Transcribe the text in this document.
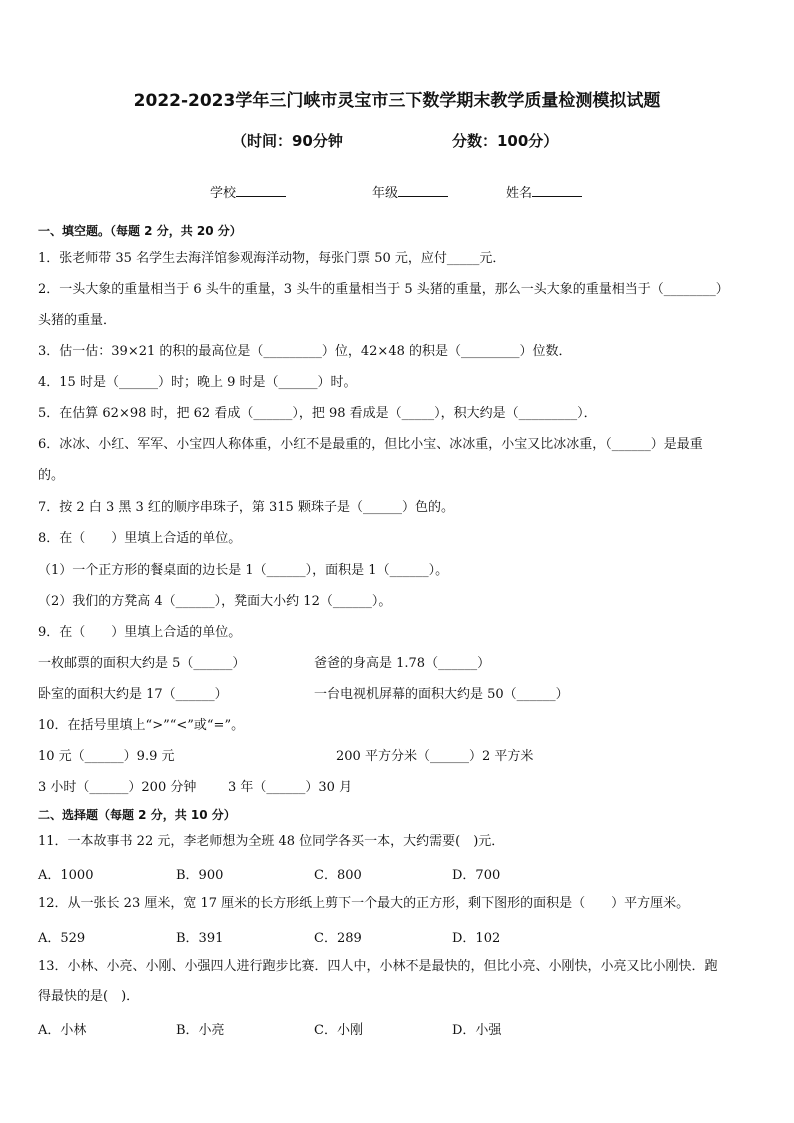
2022-2023学年三门峡市灵宝市三下数学期末教学质量检测模拟试题
（时间：90分钟	分数：100分）
学校	年级	姓名
一、填空题。（每题 2 分，共 20 分）
1．张老师带 35 名学生去海洋馆参观海洋动物，每张门票 50 元，应付_____元．
2．一头大象的重量相当于 6 头牛的重量，3 头牛的重量相当于 5 头猪的重量，那么一头大象的重量相当于（________）
头猪的重量．
3．估一估：39×21 的积的最高位是（_________）位，42×48 的积是（_________）位数．
4．15 时是（______）时；晚上 9 时是（______）时。
5．在估算 62×98 时，把 62 看成（______），把 98 看成是（_____），积大约是（_________）．
6．冰冰、小红、军军、小宝四人称体重，小红不是最重的，但比小宝、冰冰重，小宝又比冰冰重，（______）是最重
的。
7．按 2 白 3 黑 3 红的顺序串珠子，第 315 颗珠子是（______）色的。
8．在（　　）里填上合适的单位。
（1）一个正方形的餐桌面的边长是 1（______），面积是 1（______）。
（2）我们的方凳高 4（______），凳面大小约 12（______）。
9．在（　　）里填上合适的单位。
一枚邮票的面积大约是 5（______）	爸爸的身高是 1.78（______）
卧室的面积大约是 17（______）	一台电视机屏幕的面积大约是 50（______）
10．在括号里填上“>”“<”或“=”。
10 元（______）9.9 元	200 平方分米（______）2 平方米
3 小时（______）200 分钟 3 年（______）30 月
二、选择题（每题 2 分，共 10 分）
11．一本故事书 22 元，李老师想为全班 48 位同学各买一本，大约需要(　)元．
A．1000	B．900	C．800	D．700
12．从一张长 23 厘米，宽 17 厘米的长方形纸上剪下一个最大的正方形，剩下图形的面积是（　　）平方厘米。
A．529	B．391	C．289	D．102
13．小林、小亮、小刚、小强四人进行跑步比赛．四人中，小林不是最快的，但比小亮、小刚快，小亮又比小刚快．跑
得最快的是(　)．
A．小林	B．小亮	C．小刚	D．小强
